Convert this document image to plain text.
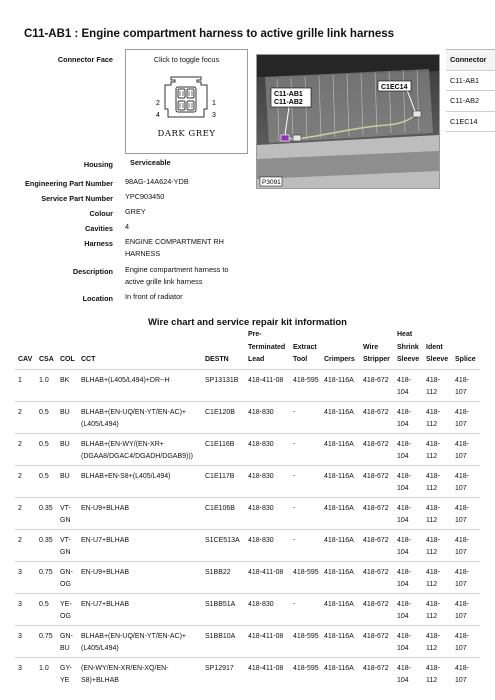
C11-AB1 : Engine compartment harness to active grille link harness
Connector Face	Click to toggle focus
2
4
1
3
DARK GREY
C11-AB1
C11-AB2
C1EC14
P3091
Connector
C11-AB1
C11-AB2
C1EC14
Housing Serviceable
Engineering Part Number 98AG-14A624-YDB
Service Part Number YPC903450
Colour GREY
Cavities 4
Harness ENGINE COMPARTMENT RH HARNESS
Description Engine compartment harness to active grille link harness
Location In front of radiator
Wire chart and service repair kit information
CAV	CSA	COL	CCT	DESTN	Pre-Terminated Lead	Extract Tool	Crimpers	Wire Stripper	Heat Shrink Sleeve	Ident Sleeve	Splice
1	1.0	BK	BLHAB+(L405/L494)+DR--H	SP13131B	418-411-08	418-595	418-116A	418-672	418-104	418-112	418-107
2	0.5	BU	BLHAB+(EN-UQ/EN-YT/EN-AC)+(L405/L494)	C1E120B	418-830	-	418-116A	418-672	418-104	418-112	418-107
2	0.5	BU	BLHAB+(EN-WY/(EN-XR+(DGAA8/DGAC4/DGADH/DGAB9)))	C1E116B	418-830	-	418-116A	418-672	418-104	418-112	418-107
2	0.5	BU	BLHAB+EN-S8+(L405/L494)	C1E117B	418-830	-	418-116A	418-672	418-104	418-112	418-107
2	0.35	VT-GN	EN-U9+BLHAB	C1E106B	418-830	-	418-116A	418-672	418-104	418-112	418-107
2	0.35	VT-GN	EN-U7+BLHAB	S1CE513A	418-830	-	418-116A	418-672	418-104	418-112	418-107
3	0.75	GN-OG	EN-U9+BLHAB	S1BB22	418-411-08	418-595	418-116A	418-672	418-104	418-112	418-107
3	0.5	YE-OG	EN-U7+BLHAB	S1BB51A	418-830	-	418-116A	418-672	418-104	418-112	418-107
3	0.75	GN-BU	BLHAB+(EN-UQ/EN-YT/EN-AC)+(L405/L494)	S1BB10A	418-411-08	418-595	418-116A	418-672	418-104	418-112	418-107
3	1.0	GY-YE	(EN-WY/EN-XR/EN-XQ/EN-S8)+BLHAB	SP12917	418-411-08	418-595	418-116A	418-672	418-104	418-112	418-107
